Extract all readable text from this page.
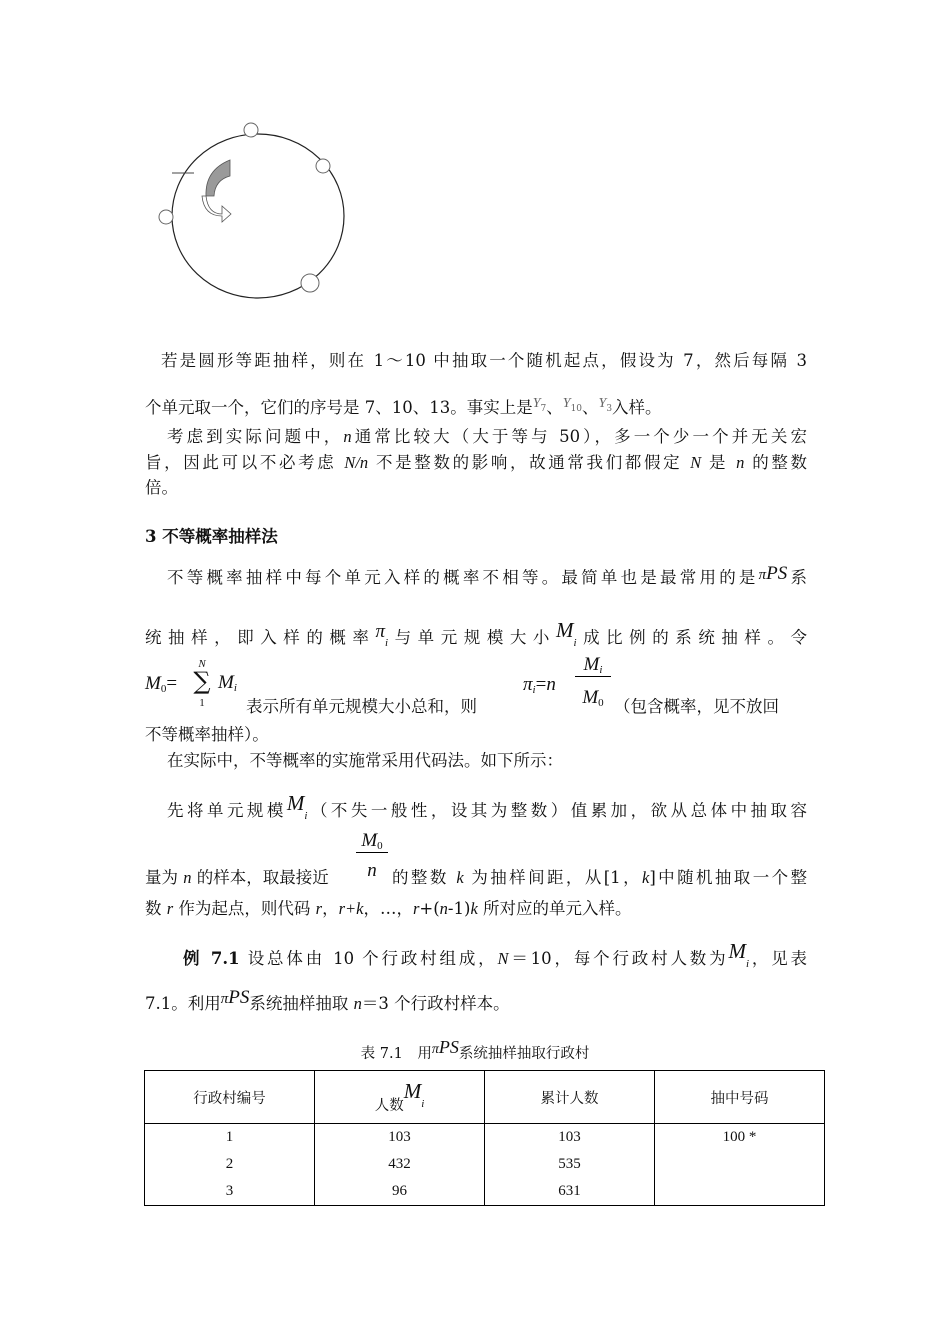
若是圆形等距抽样，则在 1～10 中抽取一个随机起点，假设为 7，然后每隔 3
个单元取一个，它们的序号是 7、10、13。事实上是$^Y$7、$^Y$10、$^Y$3入样。
考虑到实际问题中，n通常比较大（大于等与 50），多一个少一个并无关宏
旨，因此可以不必考虑 N/n 不是整数的影响，故通常我们都假定 N 是 n 的整数
倍。
3 不等概率抽样法
不等概率抽样中每个单元入样的概率不相等。最简单也是最常用的是πPS系
统抽样，即入样的概率$\pi_i$与单元规模大小$M_i$成比例的系统抽样。令
M0=
N
∑
1
$M_i$
表示所有单元规模大小总和，则
$\pi_i=n$
$M_i$
M0 （包含概率，见不放回
不等概率抽样）。
在实际中，不等概率的实施常采用代码法。如下所示：
先将单元规模$M_i$（不失一般性，设其为整数）值累加，欲从总体中抽取容
M0
n
量为 n 的样本，取最接近	的整数 k 为抽样间距，从[1，k]中随机抽取一个整
数 r 作为起点，则代码 r，r+k，…，r+(n-1)k 所对应的单元入样。
例 7.1 设总体由 10 个行政村组成，N＝10，每个行政村人数为$M_i$，见表
7.1。利用πPS系统抽样抽取 n＝3 个行政村样本。
表 7.1　用πPS系统抽样抽取行政村
行政村编号	人数$M_i$	累计人数	抽中号码
1	103	103	100 *
2	432	535	
3	96	631	
